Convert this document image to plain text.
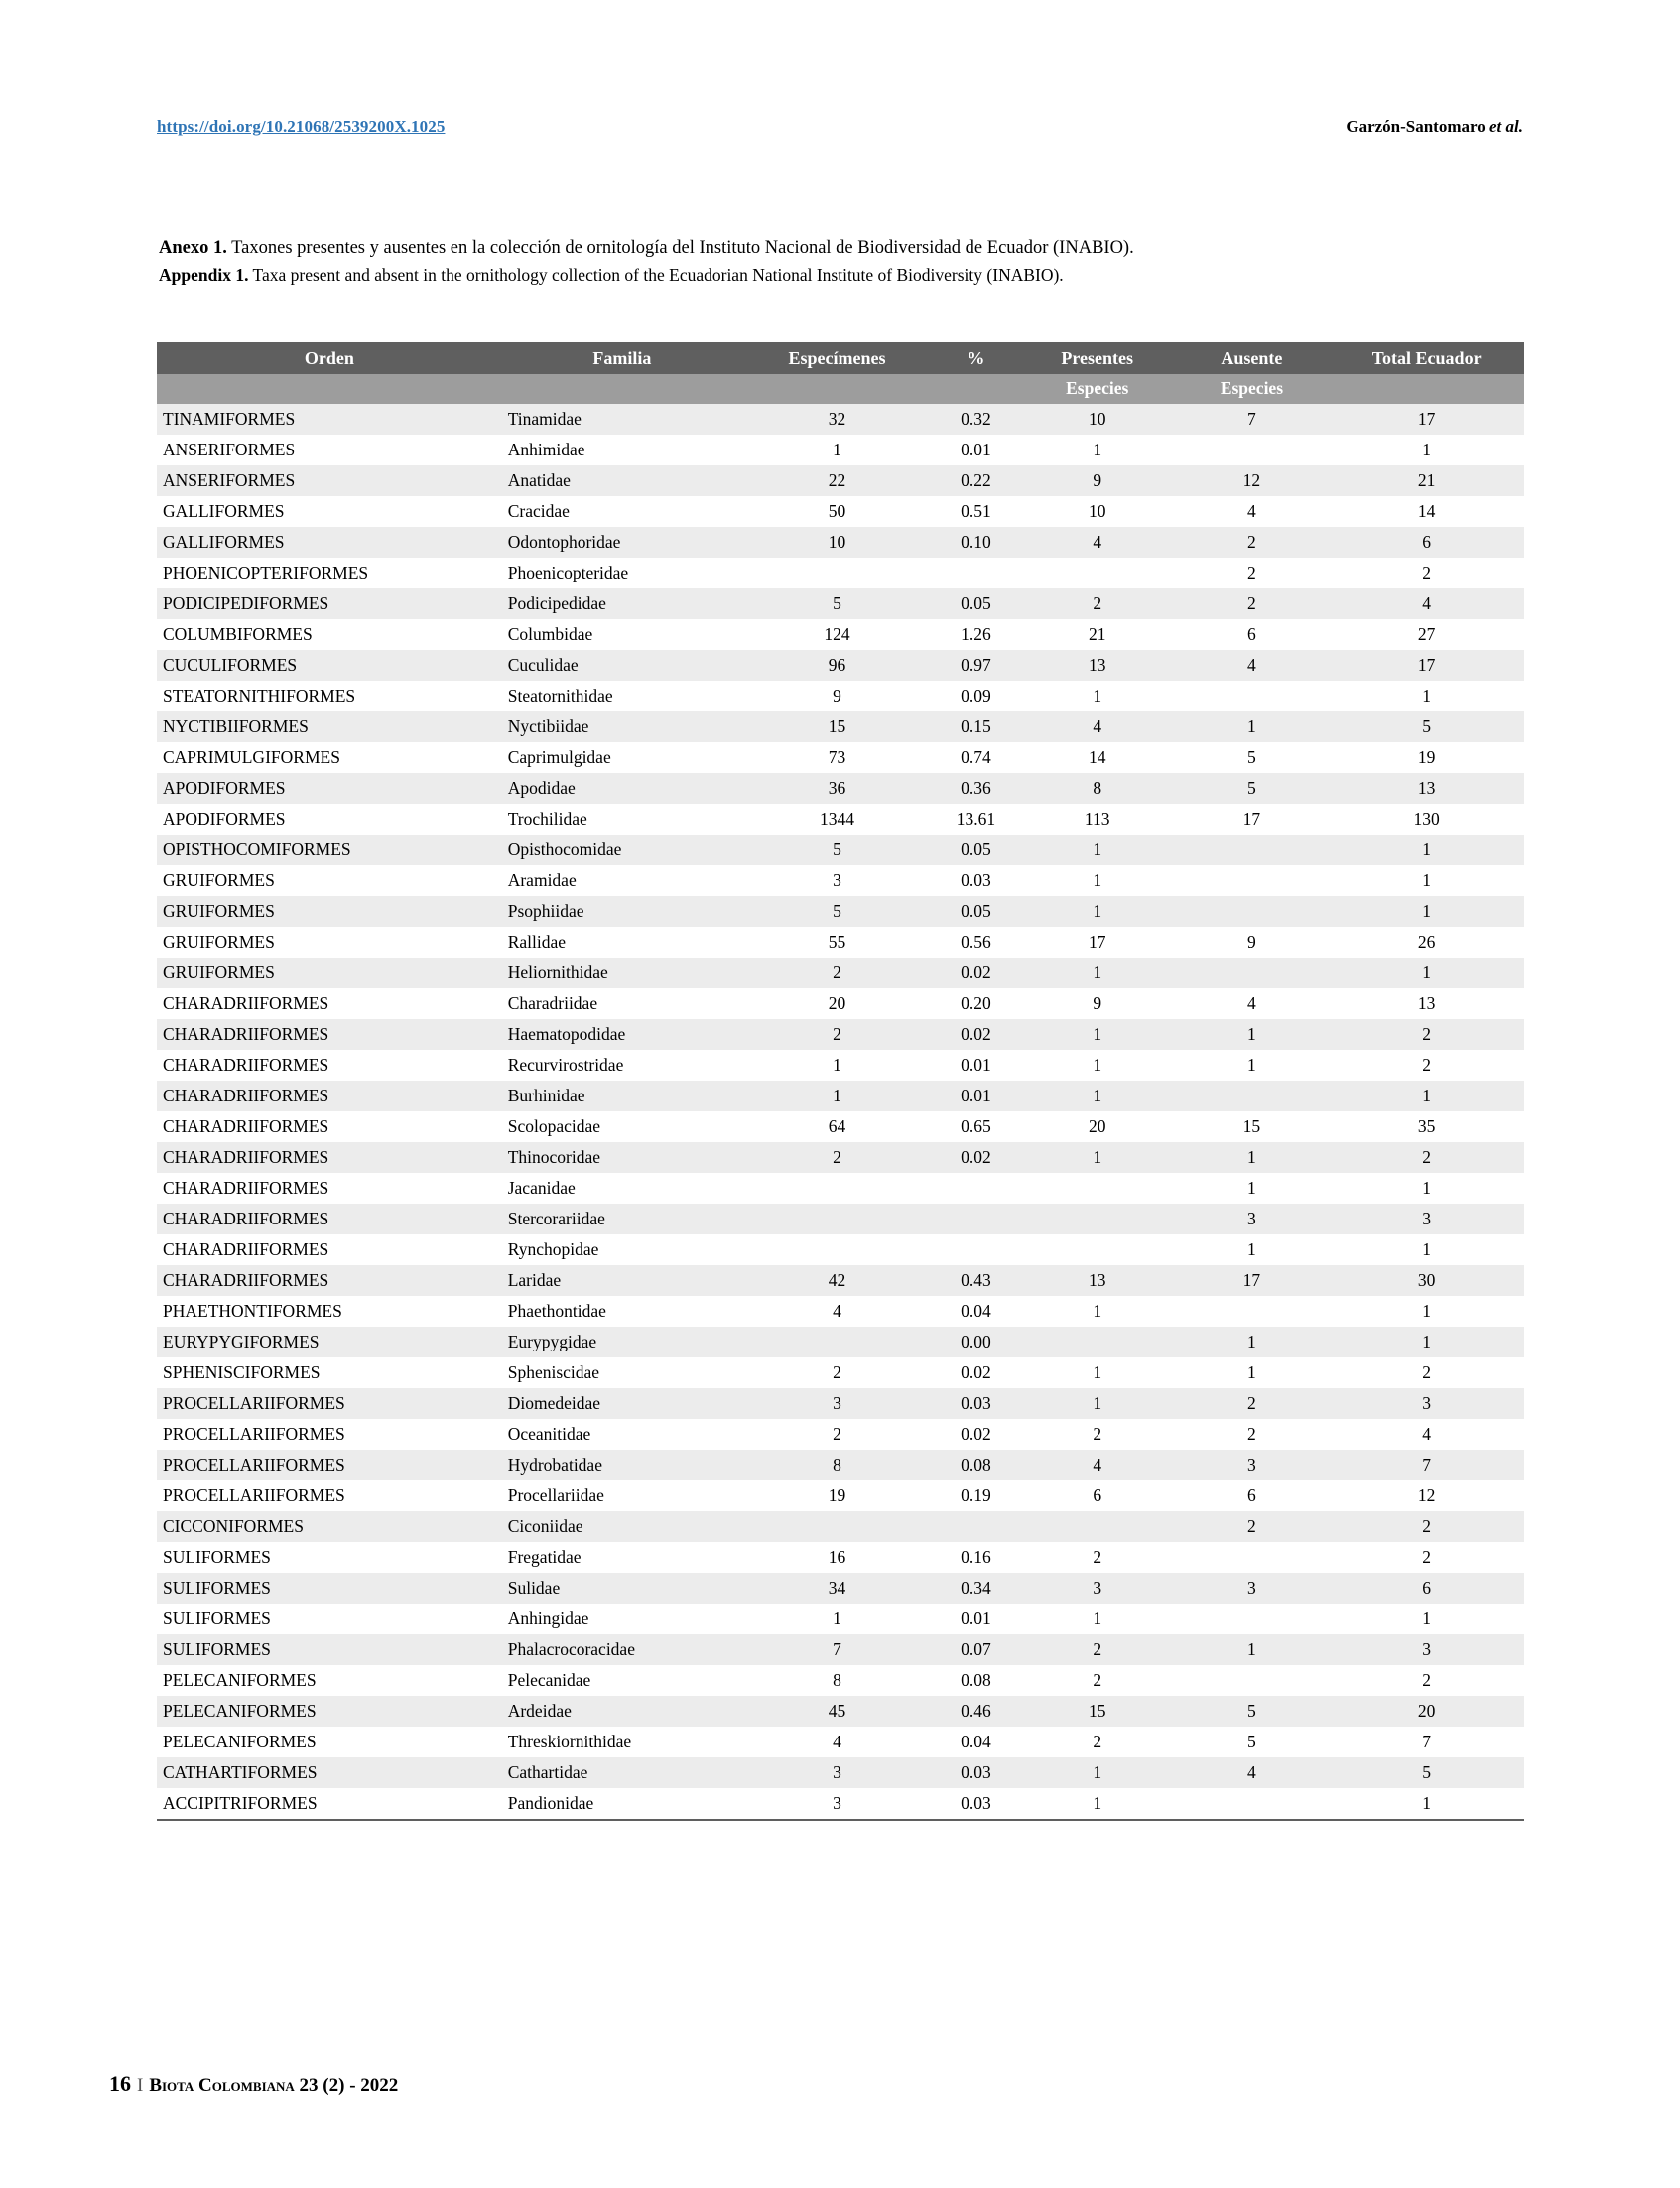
https://doi.org/10.21068/2539200X.1025	Garzón-Santomaro et al.
Anexo 1. Taxones presentes y ausentes en la colección de ornitología del Instituto Nacional de Biodiversidad de Ecuador (INABIO).
Appendix 1. Taxa present and absent in the ornithology collection of the Ecuadorian National Institute of Biodiversity (INABIO).
Orden	Familia	Especímenes	%	Presentes	Ausente	Total Ecuador
				Especies	Especies	
TINAMIFORMES	Tinamidae	32	0.32	10	7	17
ANSERIFORMES	Anhimidae	1	0.01	1		1
ANSERIFORMES	Anatidae	22	0.22	9	12	21
GALLIFORMES	Cracidae	50	0.51	10	4	14
GALLIFORMES	Odontophoridae	10	0.10	4	2	6
PHOENICOPTERIFORMES	Phoenicopteridae				2	2
PODICIPEDIFORMES	Podicipedidae	5	0.05	2	2	4
COLUMBIFORMES	Columbidae	124	1.26	21	6	27
CUCULIFORMES	Cuculidae	96	0.97	13	4	17
STEATORNITHIFORMES	Steatornithidae	9	0.09	1		1
NYCTIBIIFORMES	Nyctibiidae	15	0.15	4	1	5
CAPRIMULGIFORMES	Caprimulgidae	73	0.74	14	5	19
APODIFORMES	Apodidae	36	0.36	8	5	13
APODIFORMES	Trochilidae	1344	13.61	113	17	130
OPISTHOCOMIFORMES	Opisthocomidae	5	0.05	1		1
GRUIFORMES	Aramidae	3	0.03	1		1
GRUIFORMES	Psophiidae	5	0.05	1		1
GRUIFORMES	Rallidae	55	0.56	17	9	26
GRUIFORMES	Heliornithidae	2	0.02	1		1
CHARADRIIFORMES	Charadriidae	20	0.20	9	4	13
CHARADRIIFORMES	Haematopodidae	2	0.02	1	1	2
CHARADRIIFORMES	Recurvirostridae	1	0.01	1	1	2
CHARADRIIFORMES	Burhinidae	1	0.01	1		1
CHARADRIIFORMES	Scolopacidae	64	0.65	20	15	35
CHARADRIIFORMES	Thinocoridae	2	0.02	1	1	2
CHARADRIIFORMES	Jacanidae				1	1
CHARADRIIFORMES	Stercorariidae				3	3
CHARADRIIFORMES	Rynchopidae				1	1
CHARADRIIFORMES	Laridae	42	0.43	13	17	30
PHAETHONTIFORMES	Phaethontidae	4	0.04	1		1
EURYPYGIFORMES	Eurypygidae		0.00		1	1
SPHENISCIFORMES	Spheniscidae	2	0.02	1	1	2
PROCELLARIIFORMES	Diomedeidae	3	0.03	1	2	3
PROCELLARIIFORMES	Oceanitidae	2	0.02	2	2	4
PROCELLARIIFORMES	Hydrobatidae	8	0.08	4	3	7
PROCELLARIIFORMES	Procellariidae	19	0.19	6	6	12
CICCONIFORMES	Ciconiidae				2	2
SULIFORMES	Fregatidae	16	0.16	2		2
SULIFORMES	Sulidae	34	0.34	3	3	6
SULIFORMES	Anhingidae	1	0.01	1		1
SULIFORMES	Phalacrocoracidae	7	0.07	2	1	3
PELECANIFORMES	Pelecanidae	8	0.08	2		2
PELECANIFORMES	Ardeidae	45	0.46	15	5	20
PELECANIFORMES	Threskiornithidae	4	0.04	2	5	7
CATHARTIFORMES	Cathartidae	3	0.03	1	4	5
ACCIPITRIFORMES	Pandionidae	3	0.03	1		1
16 I Biota Colombiana 23 (2) - 2022
